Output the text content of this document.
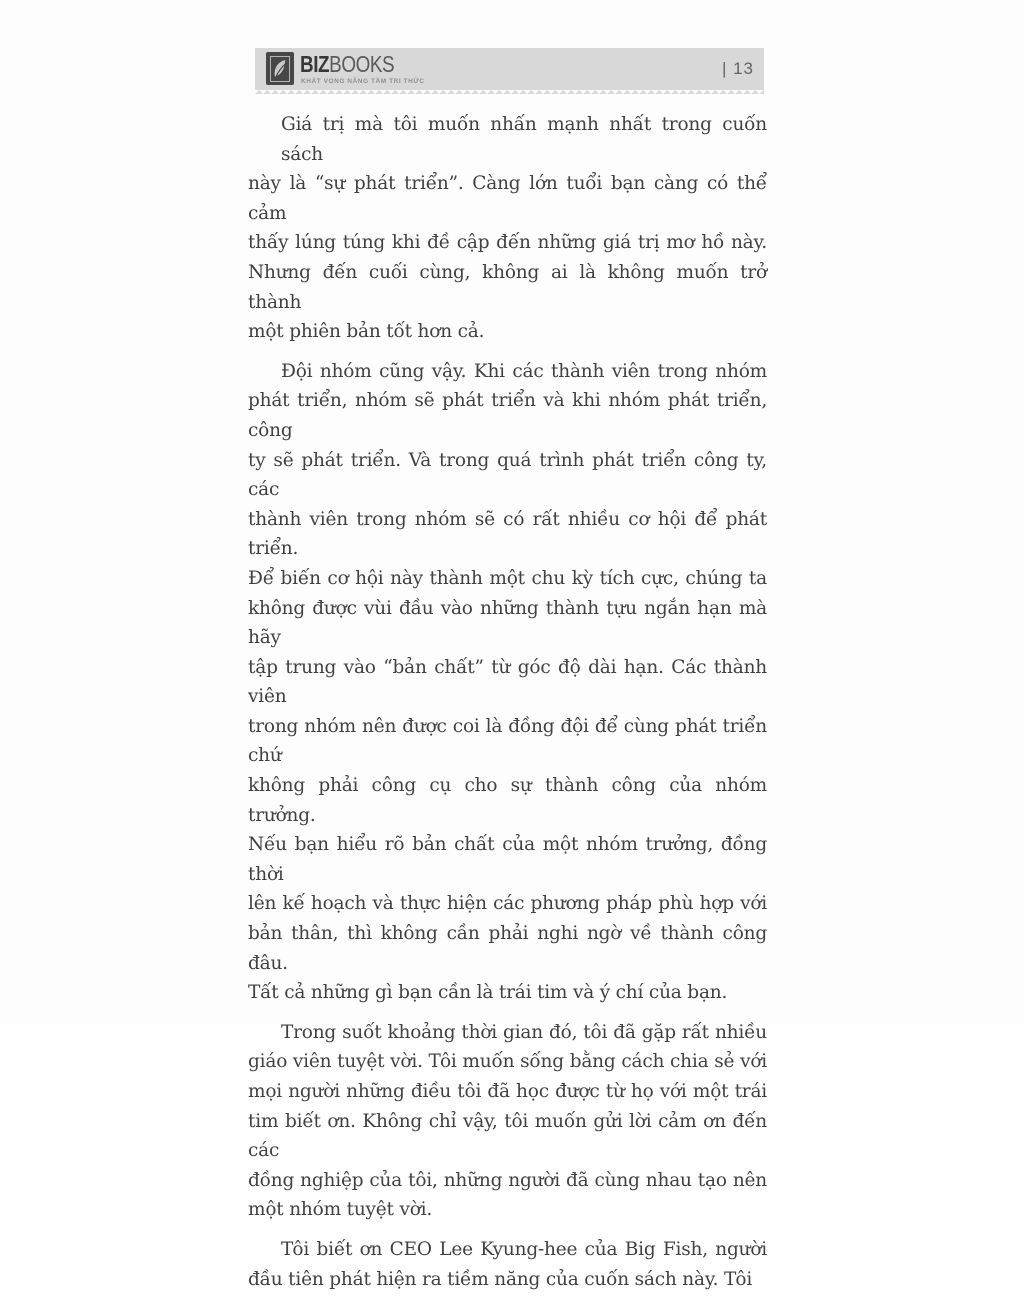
BIZBOOKS
KHÁT VỌNG NÂNG TẦM TRI THỨC
| 13
Giá trị mà tôi muốn nhấn mạnh nhất trong cuốn sách
này là “sự phát triển”. Càng lớn tuổi bạn càng có thể cảm
thấy lúng túng khi đề cập đến những giá trị mơ hồ này.
Nhưng đến cuối cùng, không ai là không muốn trở thành
một phiên bản tốt hơn cả.
Đội nhóm cũng vậy. Khi các thành viên trong nhóm
phát triển, nhóm sẽ phát triển và khi nhóm phát triển, công
ty sẽ phát triển. Và trong quá trình phát triển công ty, các
thành viên trong nhóm sẽ có rất nhiều cơ hội để phát triển.
Để biến cơ hội này thành một chu kỳ tích cực, chúng ta
không được vùi đầu vào những thành tựu ngắn hạn mà hãy
tập trung vào “bản chất” từ góc độ dài hạn. Các thành viên
trong nhóm nên được coi là đồng đội để cùng phát triển chứ
không phải công cụ cho sự thành công của nhóm trưởng.
Nếu bạn hiểu rõ bản chất của một nhóm trưởng, đồng thời
lên kế hoạch và thực hiện các phương pháp phù hợp với
bản thân, thì không cần phải nghi ngờ về thành công đâu.
Tất cả những gì bạn cần là trái tim và ý chí của bạn.
Trong suốt khoảng thời gian đó, tôi đã gặp rất nhiều
giáo viên tuyệt vời. Tôi muốn sống bằng cách chia sẻ với
mọi người những điều tôi đã học được từ họ với một trái
tim biết ơn. Không chỉ vậy, tôi muốn gửi lời cảm ơn đến các
đồng nghiệp của tôi, những người đã cùng nhau tạo nên
một nhóm tuyệt vời.
Tôi biết ơn CEO Lee Kyung-hee của Big Fish, người
đầu tiên phát hiện ra tiềm năng của cuốn sách này. Tôi
